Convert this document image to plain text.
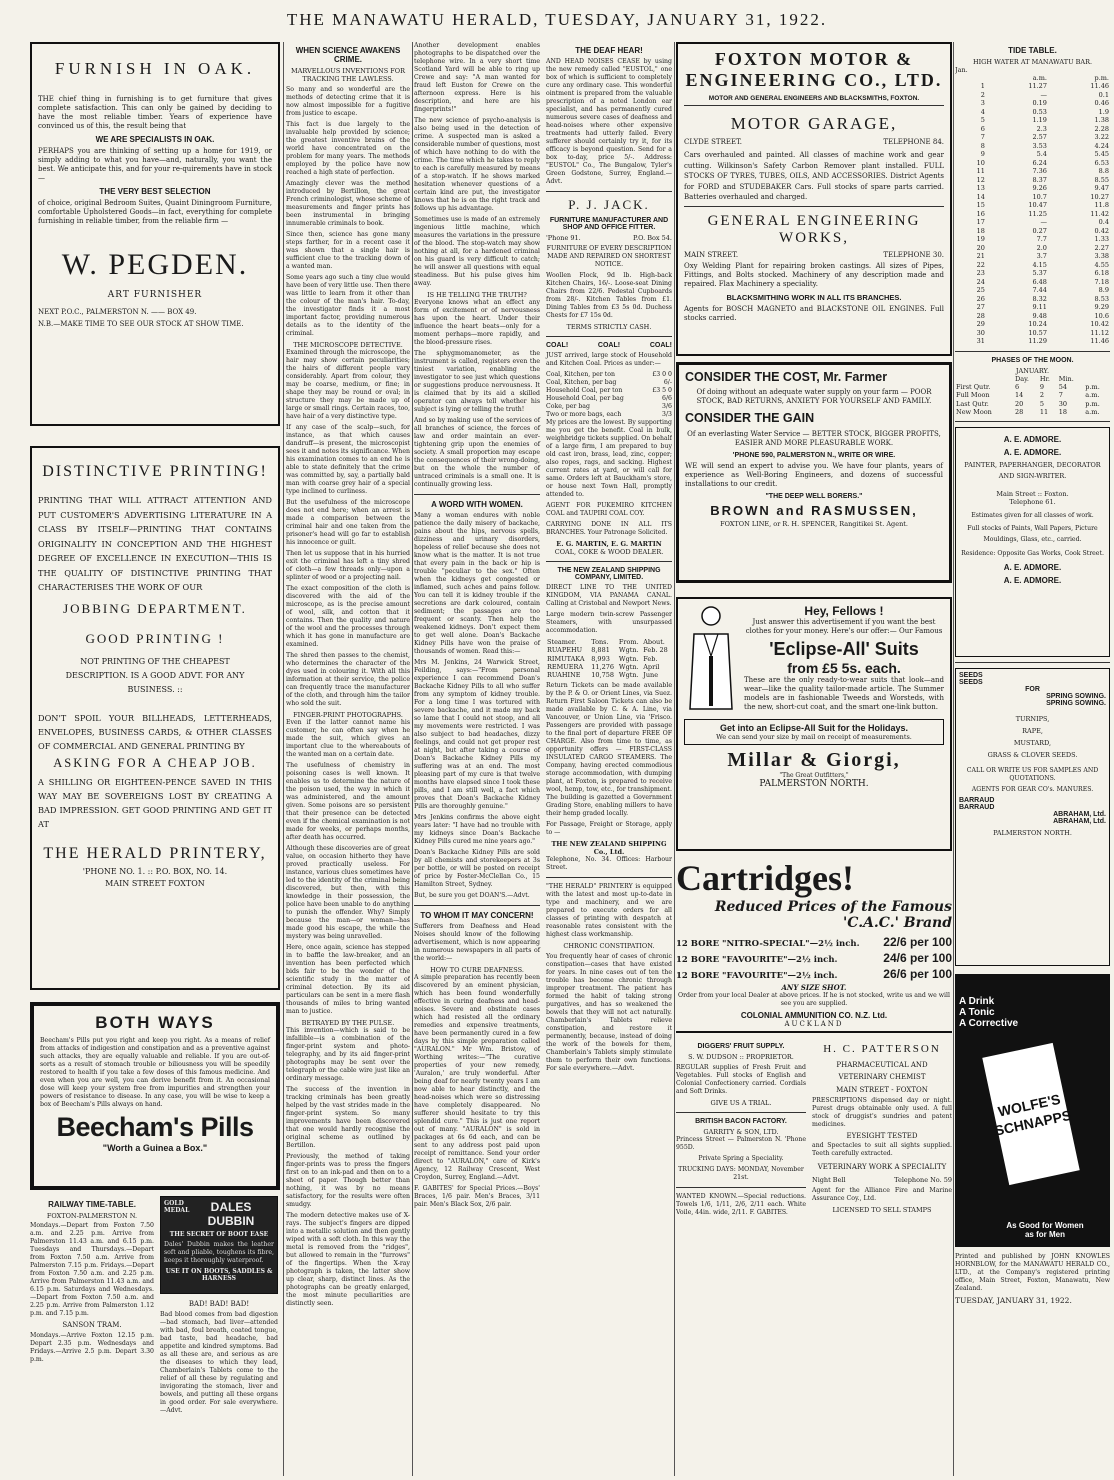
THE MANAWATU HERALD, TUESDAY, JANUARY 31, 1922.
FURNISH IN OAK.

THE chief thing in furnishing is to get furniture that gives complete satisfaction. This can only be gained by deciding to have the most reliable timber. Years of experience have convinced us of this, the result being that

WE ARE SPECIALISTS IN OAK.

PERHAPS you are thinking of setting up a home for 1919, or simply adding to what you have—and, naturally, you want the best. We anticipate this, and for your re-quirements have in stock —

THE VERY BEST SELECTION

of choice, original Bedroom Suites, Quaint Diningroom Furniture, comfortable Upholstered Goods—in fact, everything for complete furnishing in reliable timber, from the reliable firm —

W. PEGDEN.
ART FURNISHER

NEXT P.O.C., PALMERSTON N. —— BOX 49.

N.B.—MAKE TIME TO SEE OUR STOCK AT SHOW TIME.

DISTINCTIVE PRINTING!

PRINTING THAT WILL ATTRACT ATTENTION AND PUT CUSTOMER'S ADVERTISING LITERATURE IN A CLASS BY ITSELF—PRINTING THAT CONTAINS ORIGINALITY IN CONCEPTION AND THE HIGHEST DEGREE OF EXCELLENCE IN EXECUTION—THIS IS THE QUALITY OF DISTINCTIVE PRINTING THAT CHARACTERISES THE WORK OF OUR

JOBBING DEPARTMENT.
GOOD PRINTING !

NOT PRINTING OF THE CHEAPEST DESCRIPTION. IS A GOOD ADVT. FOR ANY BUSINESS. ::

DON'T SPOIL YOUR BILLHEADS, LETTERHEADS, ENVELOPES, BUSINESS CARDS, & OTHER CLASSES OF COMMERCIAL AND GENERAL PRINTING BY

ASKING FOR A CHEAP JOB.

A SHILLING OR EIGHTEEN-PENCE SAVED IN THIS WAY MAY BE SOVEREIGNS LOST BY CREATING A BAD IMPRESSION. GET GOOD PRINTING AND GET IT AT

THE HERALD PRINTERY,
'PHONE NO. 1. :: P.O. BOX, NO. 14.
MAIN STREET FOXTON
BOTH WAYS

Beecham's Pills put you right and keep you right. As a means of relief from attacks of indigestion and constipation and as a preventive against such attacks, they are equally valuable and reliable. If you are out-of-sorts as a result of stomach trouble or biliousness you will be speedily restored to health if you take a few doses of this famous medicine. And even when you are well, you can derive benefit from it. An occasional dose will keep your system free from impurities and strengthen your powers of resistance to disease. In any case, you will be wise to keep a box of Beecham's Pills always on hand.

Beecham's Pills
"Worth a Guinea a Box."
RAILWAY TIME-TABLE.
FOXTON-PALMERSTON N.

Mondays.—Depart from Foxton 7.50 a.m. and 2.25 p.m. Arrive from Palmerston 11.43 a.m. and 6.15 p.m. Tuesdays and Thursdays.—Depart from Foxton 7.50 a.m. Arrive from Palmerston 7.15 p.m. Fridays.—Depart from Foxton 7.50 a.m. and 2.25 p.m. Arrive from Palmerston 11.43 a.m. and 6.15 p.m. Saturdays and Wednesdays.—Depart from Foxton 7.50 a.m. and 2.25 p.m. Arrive from Palmerston 1.12 p.m. and 7.15 p.m.

SANSON TRAM.

Mondays.—Arrive Foxton 12.15 p.m. Depart 2.35 p.m. Wednesdays and Fridays.—Arrive 2.5 p.m. Depart 3.30 p.m.

GOLD MEDAL	DALES DUBBIN
THE SECRET OF BOOT EASE

Dales' Dubbin makes the leather soft and pliable, toughens its fibre, keeps it thoroughly waterproof.

USE IT ON BOOTS, SADDLES & HARNESS
BAD! BAD! BAD!

Bad blood comes from bad digestion—bad stomach, bad liver—attended with bad, foul breath, coated tongue, bad taste, bad headache, bad appetite and kindred symptoms. Bad as all these are, and serious as are the diseases to which they lead, Chamberlain's Tablets come to the relief of all these by regulating and invigorating the stomach, liver and bowels, and putting all these organs in good order. For sale everywhere. —Advt.

WHEN SCIENCE AWAKENS CRIME.
MARVELLOUS INVENTIONS FOR TRACKING THE LAWLESS.

So many and so wonderful are the methods of detecting crime that it is now almost impossible for a fugitive from justice to escape.

This fact is due largely to the invaluable help provided by science; the greatest inventive brains of the world have concentrated on the problem for many years. The methods employed by the police have now reached a high state of perfection.

Amazingly clever was the method introduced by Bertillon, the great French criminologist, whose scheme of measurements and finger prints has been instrumental in bringing innumerable criminals to book.

Since then, science has gone many steps farther, for in a recent case it was shown that a single hair is sufficient clue to the tracking down of a wanted man.

Some years ago such a tiny clue would have been of very little use. Then there was little to learn from it other than the colour of the man's hair. To-day, the investigator finds it a most important factor, providing numerous details as to the identity of the criminal.

THE MICROSCOPE DETECTIVE.

Examined through the microscope, the hair may show certain peculiarities; the hairs of different people vary considerably. Apart from colour, they may be coarse, medium, or fine; in shape they may be round or oval; in structure they may be made up of large or small rings. Certain races, too, have hair of a very distinctive type.

If any case of the scalp—such, for instance, as that which causes dandruff—is present, the microscopist sees it and notes its significance. When his examination comes to an end he is able to state definitely that the crime was committed by, say, a partially bald man with coarse grey hair of a special type inclined to curliness.

But the usefulness of the microscope does not end here; when an arrest is made a comparison between the criminal hair and one taken from the prisoner's head will go far to establish his innocence or guilt.

Then let us suppose that in his hurried exit the criminal has left a tiny shred of cloth—a few threads only—upon a splinter of wood or a projecting nail.

The exact composition of the cloth is discovered with the aid of the microscope, as is the precise amount of wool, silk, and cotton that it contains. Then the quality and nature of the wool and the processes through which it has gone in manufacture are examined.

The shred then passes to the chemist, who determines the character of the dyes used in colouring it. With all this information at their service, the police can frequently trace the manufacturer of the cloth, and through him the tailor who sold the suit.

FINGER-PRINT PHOTOGRAPHS.

Even if the latter cannot name his customer, he can often say when he made the suit, which gives an important clue to the whereabouts of the wanted man on a certain date.

The usefulness of chemistry in poisoning cases is well known. It enables us to determine the nature of the poison used, the way in which it was administered, and the amount given. Some poisons are so persistent that their presence can be detected even if the chemical examination is not made for weeks, or perhaps months, after death has occurred.

Although these discoveries are of great value, on occasion hitherto they have proved practically useless. For instance, various clues sometimes have led to the identity of the criminal being discovered, but then, with this knowledge in their possession, the police have been unable to do anything to punish the offender. Why? Simply because the man—or woman—has made good his escape, the while the mystery was being unravelled.

Here, once again, science has stepped in to baffle the law-breaker, and an invention has been perfected which bids fair to be the wonder of the scientific study in the matter of criminal detection. By its aid particulars can be sent in a mere flash thousands of miles to bring wanted man to justice.

BETRAYED BY THE PULSE.

This invention—which is said to be infallible—is a combination of the finger-print system and photo-telegraphy, and by its aid finger-print photographs may be sent over the telegraph or the cable wire just like an ordinary message.

The success of the invention in tracking criminals has been greatly helped by the vast strides made in the finger-print system. So many improvements have been discovered that one would hardly recognise the original scheme as outlined by Bertillon.

Previously, the method of taking finger-prints was to press the fingers first on to an ink-pad and then on to a sheet of paper. Though better than nothing, it was by no means satisfactory, for the results were often smudgy.

The modern detective makes use of X-rays. The subject's fingers are dipped into a metallic solution and then gently wiped with a soft cloth. In this way the metal is removed from the "ridges", but allowed to remain in the "furrows" of the fingertips. When the X-ray photograph is taken, the latter show up clear, sharp, distinct lines. As the photographs can be greatly enlarged, the most minute peculiarities are distinctly seen.

Another development enables photographs to be dispatched over the telephone wire. In a very short time Scotland Yard will be able to ring up Crewe and say: "A man wanted for fraud left Euston for Crewe on the afternoon express. Here is his description, and here are his fingerprints!"

The new science of psycho-analysis is also being used in the detection of crime. A suspected man is asked a considerable number of questions, most of which have nothing to do with the crime. The time which he takes to reply to each is carefully measured by means of a stop-watch. If he shows marked hesitation whenever questions of a certain kind are put, the investigator knows that he is on the right track and follows up his advantage.

Sometimes use is made of an extremely ingenious little machine, which measures the variations in the pressure of the blood. The stop-watch may show nothing at all, for a hardened criminal on his guard is very difficult to catch; he will answer all questions with equal steadiness. But his pulse gives him away.

IS HE TELLING THE TRUTH?

Everyone knows what an effect any form of excitement or of nervousness has upon the heart. Under their influence the heart beats—only for a moment perhaps—more rapidly, and the blood-pressure rises.

The sphygmomanometer, as the instrument is called, registers even the tiniest variation, enabling the investigator to see just which questions or suggestions produce nervousness. It is claimed that by its aid a skilled operator can always tell whether his subject is lying or telling the truth!

And so by making use of the services of all branches of science, the forces of law and order maintain an ever-tightening grip upon the enemies of society. A small proportion may escape the consequences of their wrong-doing, but on the whole the number of untraced criminals is a small one. It is continually growing less.

A WORD WITH WOMEN.

Many a woman endures with noble patience the daily misery of backache, pains about the hips, nervous spells, dizziness and urinary disorders, hopeless of relief because she does not know what is the matter. It is not true that every pain in the back or hip is trouble "peculiar to the sex." Often when the kidneys get congested or inflamed, such aches and pains follow. You can tell it is kidney trouble if the secretions are dark coloured, contain sediment; the passages are too frequent or scanty. Then help the weakened kidneys. Don't expect them to get well alone. Doan's Backache Kidney Pills have won the praise of thousands of women. Read this:—

Mrs M. Jenkins, 24 Warwick Street, Feilding, says:—"From personal experience I can recommend Doan's Backache Kidney Pills to all who suffer from any symptom of kidney trouble. For a long time I was tortured with severe backache, and it made my back so lame that I could not stoop, and all my movements were restricted. I was also subject to bad headaches, dizzy feelings, and could not get proper rest at night, but after taking a course of Doan's Backache Kidney Pills my suffering was at an end. The most pleasing part of my cure is that twelve months have elapsed since I took these pills, and I am still well, a fact which proves that Doan's Backache Kidney Pills are thoroughly genuine."

Mrs Jenkins confirms the above eight years later: "I have had no trouble with my kidneys since Doan's Backache Kidney Pills cured me nine years ago."

Doan's Backache Kidney Pills are sold by all chemists and storekeepers at 3s per bottle, or will be posted on receipt of price by Foster-McClellan Co., 15 Hamilton Street, Sydney.

But, be sure you get DOAN'S.—Advt.

TO WHOM IT MAY CONCERN!

Sufferers from Deafness and Head Noises should know of the following advertisement, which is now appearing in numerous newspapers in all parts of the world:—

HOW TO CURE DEAFNESS.

A simple preparation has recently been discovered by an eminent physician, which has been found wonderfully effective in curing deafness and head-noises. Severe and obstinate cases which had resisted all the ordinary remedies and expensive treatments, have been permanently cured in a few days by this simple preparation called "AURALON." Mr Wm. Bristow, of Worthing writes:—"The curative properties of your new remedy, 'Auralon,' are truly wonderful. After being deaf for nearly twenty years I am now able to hear distinctly, and the head-noises which were so distressing have completely disappeared. No sufferer should hesitate to try this splendid cure." This is just one report out of many. "AURALON" is sold in packages at 6s 6d each, and can be sent to any address post paid upon receipt of remittance. Send your order direct to "AURALON," care of Kirk's Agency, 12 Railway Crescent, West Croydon, Surrey, England.—Advt.

F. GABITES' for Special Prices.—Boys' Braces, 1/6 pair. Men's Braces, 3/11 pair. Men's Black Sox, 2/6 pair.

THE DEAF HEAR!

AND HEAD NOISES CEASE by using the new remedy called "EUSTOL," one box of which is sufficient to completely cure any ordinary case. This wonderful ointment is prepared from the valuable prescription of a noted London ear specialist, and has permanently cured numerous severe cases of deafness and head-noises where other expensive treatments had utterly failed. Every sufferer should certainly try it, for its efficacy is beyond question. Send for a box to-day, price 5/-. Address: "EUSTOL" Co., The Bungalow, Tyler's Green Godstone, Surrey, England.—Advt.

P. J. JACK.
FURNITURE MANUFACTURER AND SHOP AND OFFICE FITTER.
'Phone 91.	P.O. Box 54.

FURNITURE OF EVERY DESCRIPTION MADE AND REPAIRED ON SHORTEST NOTICE.

Woollen Flock, 9d lb. High-back Kitchen Chairs, 16/-. Loose-seat Dining Chairs from 22/6. Pedestal Cupboards from 28/-. Kitchen Tables from £1. Dining Tables from £3 5s 0d. Duchess Chests for £7 15s 0d.

TERMS STRICTLY CASH.
COAL!	COAL!	COAL!

JUST arrived, large stock of Household and Kitchen Coal. Prices as under:—

Coal, Kitchen, per ton	£3 0 0
Coal, Kitchen, per bag	6/-
Household Coal, per ton	£3 5 0
Household Coal, per bag	6/6
Coke, per bag	3/6
Two or more bags, each	3/3

My prices are the lowest. By supporting me you get the benefit. Coal in bulk, weighbridge tickets supplied. On behalf of a large firm, I am prepared to buy old cast iron, brass, lead, zinc, copper; also ropes, rags, and sacking. Highest current rates at yard, or will call for same. Orders left at Bauckham's store, or house next Town Hall, promptly attended to.

AGENT FOR PUKEMIRO KITCHEN COAL and TAUPIRI COAL COY.

CARRYING DONE IN ALL ITS BRANCHES. Your Patronage Solicited.

E. G. MARTIN, E. G. MARTIN
COAL, COKE & WOOD DEALER.
THE NEW ZEALAND SHIPPING COMPANY, LIMITED.

DIRECT LINE TO THE UNITED KINGDOM, VIA PANAMA CANAL. Calling at Cristobal and Newport News.

Large modern twin-screw Passenger Steamers, with unsurpassed accommodation.

Steamer.	Tons.	From.	About.
RUAPEHU	8,881	Wgtn.	Feb. 28
RIMUTAKA	8,993	Wgtn.	Feb.
REMUERA	11,276	Wgtn.	April
RUAHINE	10,758	Wgtn.	June

Return Tickets can be made available by the P. & O. or Orient Lines, via Suez. Return First Saloon Tickets can also be made available by C. & A. Line, via Vancouver, or Union Line, via 'Frisco. Passengers are provided with passage to the final port of departure FREE OF CHARGE. Also from time to time, as opportunity offers — FIRST-CLASS INSULATED CARGO STEAMERS. The Company, having erected commodious storage accommodation, with dumping plant, at Foxton, is prepared to receive wool, hemp, tow, etc., for transhipment. The building is gazetted a Government Grading Store, enabling millers to have their hemp graded locally.

For Passage, Freight or Storage, apply to —

THE NEW ZEALAND SHIPPING Co., Ltd.

Telephone, No. 34. Offices: Harbour Street.

"THE HERALD" PRINTERY is equipped with the latest and most up-to-date in type and machinery, and we are prepared to execute orders for all classes of printing with despatch at reasonable rates consistent with the highest class workmanship.

CHRONIC CONSTIPATION.

You frequently hear of cases of chronic constipation—cases that have existed for years. In nine cases out of ten the trouble has become chronic through improper treatment. The patient has formed the habit of taking strong purgatives, and has so weakened the bowels that they will not act naturally. Chamberlain's Tablets relieve constipation, and restore it permanently, because, instead of doing the work of the bowels for them, Chamberlain's Tablets simply stimulate them to perform their own functions. For sale everywhere.—Advt.

FOXTON MOTOR & ENGINEERING CO., LTD.
MOTOR AND GENERAL ENGINEERS AND BLACKSMITHS, FOXTON.
MOTOR GARAGE,
CLYDE STREET.	TELEPHONE 84.

Cars overhauled and painted. All classes of machine work and gear cutting. Wilkinson's Safety Carbon Remover plant installed. FULL STOCKS OF TYRES, TUBES, OILS, AND ACCESSORIES. District Agents for FORD and STUDEBAKER Cars. Full stocks of spare parts carried. Batteries overhauled and charged.

GENERAL ENGINEERING WORKS,
MAIN STREET.	TELEPHONE 30.

Oxy Welding Plant for repairing broken castings. All sizes of Pipes, Fittings, and Bolts stocked. Machinery of any description made and repaired. Flax Machinery a speciality.

BLACKSMITHING WORK IN ALL ITS BRANCHES.

Agents for BOSCH MAGNETO and BLACKSTONE OIL ENGINES. Full stocks carried.

CONSIDER THE COST, Mr. Farmer

Of doing without an adequate water supply on your farm — POOR STOCK, BAD RETURNS, ANXIETY FOR YOURSELF AND FAMILY.

CONSIDER THE GAIN

Of an everlasting Water Service — BETTER STOCK, BIGGER PROFITS, EASIER AND MORE PLEASURABLE WORK.

'PHONE 590, PALMERSTON N., WRITE OR WIRE.

WE will send an expert to advise you. We have four plants, years of experience as Well-Boring Engineers, and dozens of successful installations to our credit.

"THE DEEP WELL BORERS."
BROWN and RASMUSSEN,
FOXTON LINE, or R. H. SPENCER, Rangitikei St. Agent.
Hey, Fellows !

Just answer this advertisement if you want the best clothes for your money. Here's our offer:— Our Famous

'Eclipse-All' Suits
from £5 5s. each.

These are the only ready-to-wear suits that look—and wear—like the quality tailor-made article. The Summer models are in fashionable Tweeds and Worsteds, with the new, short-cut coat, and the smart one-link button.

Get into an Eclipse-All Suit for the Holidays.
We can send your size by mail on receipt of measurements.
Millar & Giorgi,
"The Great Outfitters,"
PALMERSTON NORTH.
Cartridges!
Reduced Prices of the Famous 'C.A.C.' Brand
12 BORE "NITRO-SPECIAL"—2½ inch. 22/6 per 100
12 BORE "FAVOURITE"—2½ inch.	24/6 per 100
12 BORE "FAVOURITE"—2½ inch.	26/6 per 100
ANY SIZE SHOT.

Order from your local Dealer at above prices. If he is not stocked, write us and we will see you are supplied.

COLONIAL AMMUNITION CO. N.Z. Ltd.
AUCKLAND
DIGGERS' FRUIT SUPPLY.
S. W. DUDSON :: PROPRIETOR.

REGULAR supplies of Fresh Fruit and Vegetables. Full stocks of English and Colonial Confectionery carried. Cordials and Soft Drinks.

GIVE US A TRIAL.
BRITISH BACON FACTORY.
GARRITY & SON, LTD.

Princess Street — Palmerston N. 'Phone 955D.

Private Spring a Speciality.

TRUCKING DAYS: MONDAY, November 21st.

WANTED KNOWN.—Special reductions. Towels 1/6, 1/11, 2/6, 2/11 each. White Voile, 44in. wide, 2/11. F. GABITES.

H. C. PATTERSON
PHARMACEUTICAL AND VETERINARY CHEMIST
MAIN STREET - FOXTON

PRESCRIPTIONS dispensed day or night. Purest drugs obtainable only used. A full stock of druggist's sundries and patent medicines.

EYESIGHT TESTED

and Spectacles to suit all sights supplied. Teeth carefully extracted.

VETERINARY WORK A SPECIALITY
Night Bell	Telephone No. 59

Agent for the Alliance Fire and Marine Assurance Coy., Ltd.

LICENSED TO SELL STAMPS
TIDE TABLE.
HIGH WATER AT MANAWATU BAR.
Jan.
	a.m.	p.m.
1	11.27	11.46
2	—	0.1
3	0.19	0.46
4	0.53	1.9
5	1.19	1.38
6	2.3	2.28
7	2.57	3.22
8	3.53	4.24
9	5.4	5.45
10	6.24	6.53
11	7.36	8.8
12	8.37	8.55
13	9.26	9.47
14	10.7	10.27
15	10.47	11.8
16	11.25	11.42
17	—	0.4
18	0.27	0.42
19	7.7	1.33
20	2.0	2.27
21	3.7	3.38
22	4.15	4.55
23	5.37	6.18
24	6.48	7.18
25	7.44	8.9
26	8.32	8.53
27	9.11	9.29
28	9.48	10.6
29	10.24	10.42
30	10.57	11.12
31	11.29	11.46
PHASES OF THE MOON.
JANUARY.
	Day.	Hr.	Min.	
First Qutr.	6	9	54	p.m.
Full Moon	14	2	7	a.m.
Last Qutr.	20	5	30	p.m.
New Moon	28	11	18	a.m.
A. E. ADMORE.
A. E. ADMORE.
PAINTER, PAPERHANGER, DECORATOR AND SIGN-WRITER.
Main Street :: Foxton.
Telephone 61.

Estimates given for all classes of work.

Full stocks of Paints, Wall Papers, Picture Mouldings, Glass, etc., carried.

Residence: Opposite Gas Works, Cook Street.

A. E. ADMORE.
A. E. ADMORE.
SEEDS
SEEDS
FOR
SPRING SOWING.
SPRING SOWING.
TURNIPS,
RAPE,
MUSTARD,
GRASS & CLOVER SEEDS.

CALL OR WRITE US FOR SAMPLES AND QUOTATIONS.

AGENTS FOR GEAR CO's. MANURES.

BARRAUD
BARRAUD
ABRAHAM, Ltd.
ABRAHAM, Ltd.
PALMERSTON NORTH.
A Drink
A Tonic
A Corrective
WOLFE'S SCHNAPPS
As Good for Women as for Men

Printed and published by JOHN KNOWLES HORNBLOW, for the MANAWATU HERALD CO., LTD., at the Company's registered printing office, Main Street, Foxton, Manawatu, New Zealand.

TUESDAY, JANUARY 31, 1922.
